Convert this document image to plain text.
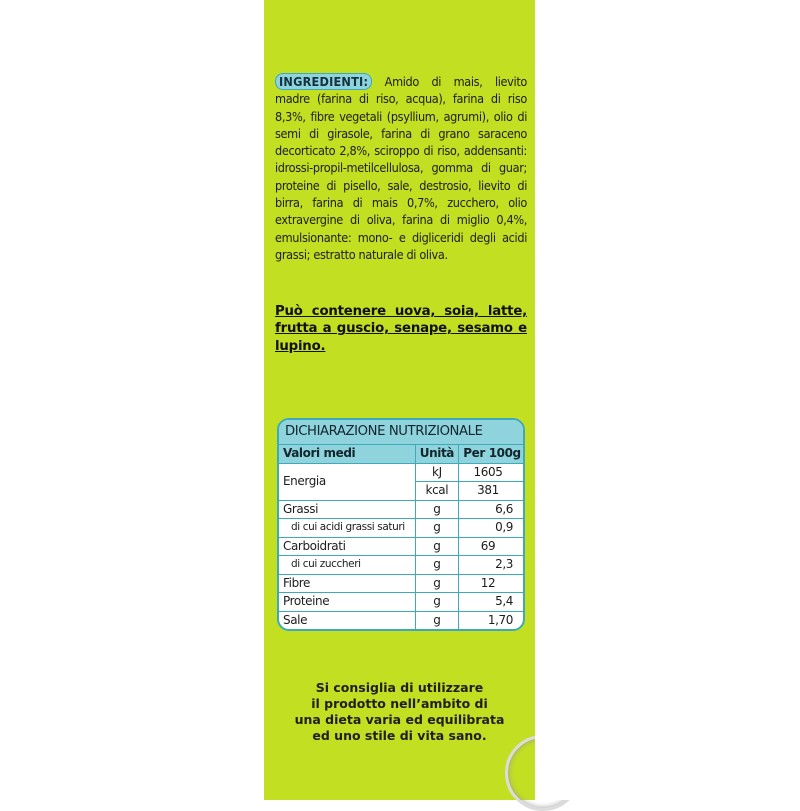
INGREDIENTI: Amido di mais, lievito madre (farina di riso, acqua), farina di riso 8,3%, fibre vegetali (psyllium, agrumi), olio di semi di girasole, farina di grano saraceno decorticato 2,8%, sciroppo di riso, addensanti: idrossi-propil-metilcellulosa, gomma di guar; proteine di pisello, sale, destrosio, lievito di birra, farina di mais 0,7%, zucchero, olio extravergine di oliva, farina di miglio 0,4%, emulsionante: mono- e digliceridi degli acidi grassi; estratto naturale di oliva.
Può contenere uova, soia, latte, frutta a guscio, senape, sesamo e lupino.
DICHIARAZIONE NUTRIZIONALE
Valori medi	Unità	Per 100g
Energia	kJ	1605
	kcal	381
Grassi	g	6,6
di cui acidi grassi saturi	g	0,9
Carboidrati	g	69
di cui zuccheri	g	2,3
Fibre	g	12
Proteine	g	5,4
Sale	g	1,70
Si consiglia di utilizzare
il prodotto nell’ambito di
una dieta varia ed equilibrata
ed uno stile di vita sano.
